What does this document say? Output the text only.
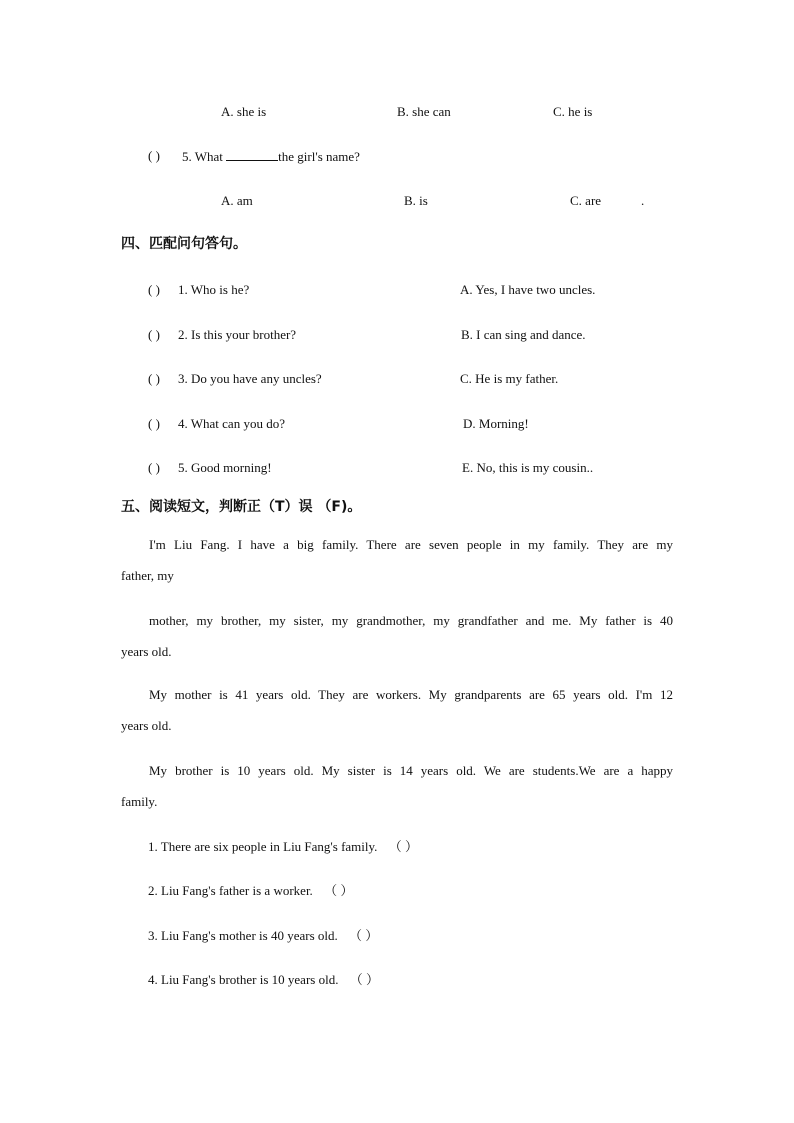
A. she is	B. she can	C. he is
( ) 5. What	the girl's name?
A. am	B. is	C. are	.
四、匹配问句答句。
( ) 1. Who is he?	A. Yes, I have two uncles.
( ) 2. Is this your brother?	B. I can sing and dance.
( ) 3. Do you have any uncles?	C. He is my father.
( ) 4. What can you do?	D. Morning!
( ) 5. Good morning!	E. No, this is my cousin..
五、阅读短文，判断正（T）误 （F)。
I'm Liu Fang. I have a big family. There are seven people in my family. They are my
father, my
mother, my brother, my sister, my grandmother, my grandfather and me. My father is 40
years old.
My mother is 41 years old. They are workers. My grandparents are 65 years old. I'm 12
years old.
My brother is 10 years old. My sister is 14 years old. We are students.We are a happy
family.
1. There are six people in Liu Fang's family. （ ）
2. Liu Fang's father is a worker. （ ）
3. Liu Fang's mother is 40 years old. （ ）
4. Liu Fang's brother is 10 years old. （ ）
